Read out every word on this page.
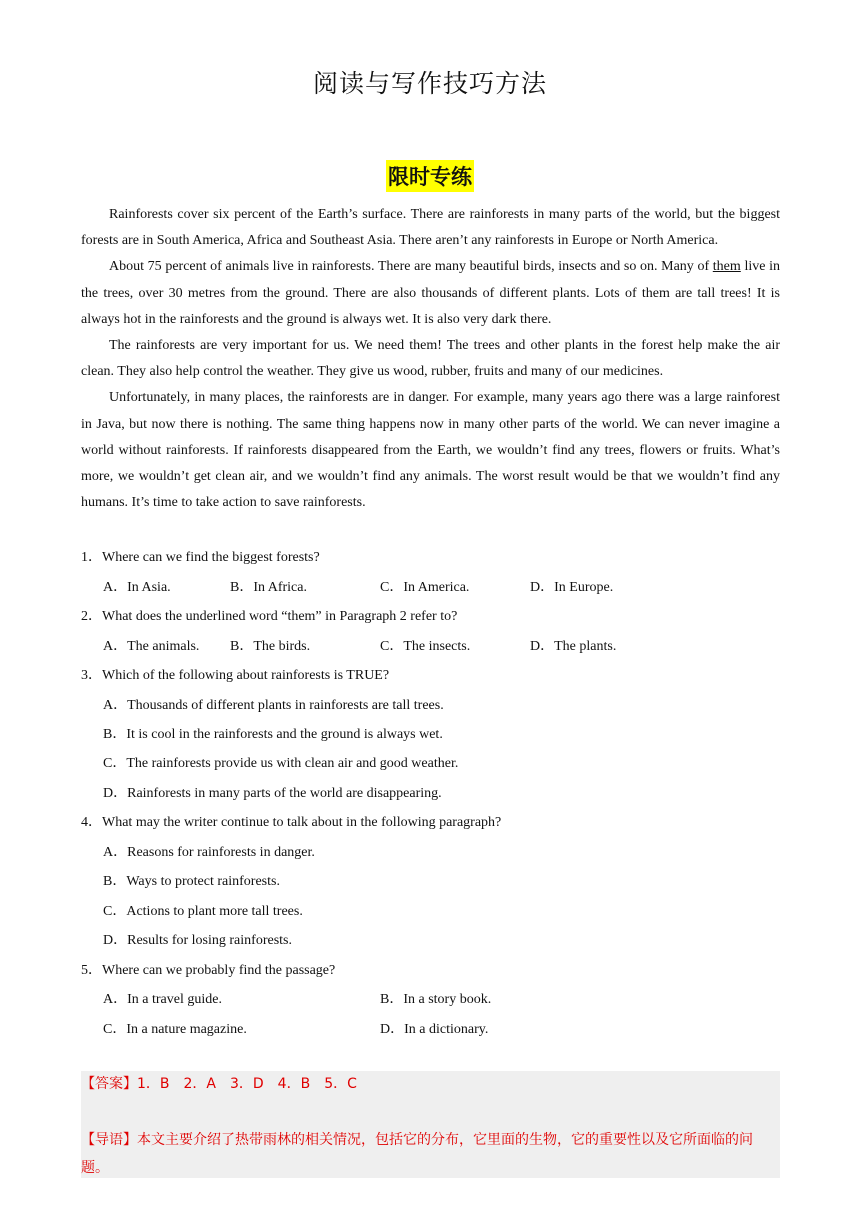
阅读与写作技巧方法
限时专练

Rainforests cover six percent of the Earth’s surface. There are rainforests in many parts of the world, but the biggest forests are in South America, Africa and Southeast Asia. There aren’t any rainforests in Europe or North America.

About 75 percent of animals live in rainforests. There are many beautiful birds, insects and so on. Many of them live in the trees, over 30 metres from the ground. There are also thousands of different plants. Lots of them are tall trees! It is always hot in the rainforests and the ground is always wet. It is also very dark there.

The rainforests are very important for us. We need them! The trees and other plants in the forest help make the air clean. They also help control the weather. They give us wood, rubber, fruits and many of our medicines.

Unfortunately, in many places, the rainforests are in danger. For example, many years ago there was a large rainforest in Java, but now there is nothing. The same thing happens now in many other parts of the world. We can never imagine a world without rainforests. If rainforests disappeared from the Earth, we wouldn’t find any trees, flowers or fruits. What’s more, we wouldn’t get clean air, and we wouldn’t find any animals. The worst result would be that we wouldn’t find any humans. It’s time to take action to save rainforests.

1．Where can we find the biggest forests?
A．In Asia.	B．In Africa.	C．In America.	D．In Europe.
2．What does the underlined word “them” in Paragraph 2 refer to?
A．The animals. B．The birds.	C．The insects.	D．The plants.
3．Which of the following about rainforests is TRUE?
A．Thousands of different plants in rainforests are tall trees.
B．It is cool in the rainforests and the ground is always wet.
C．The rainforests provide us with clean air and good weather.
D．Rainforests in many parts of the world are disappearing.
4．What may the writer continue to talk about in the following paragraph?
A．Reasons for rainforests in danger.
B．Ways to protect rainforests.
C．Actions to plant more tall trees.
D．Results for losing rainforests.
5．Where can we probably find the passage?
A．In a travel guide.	B．In a story book.
C．In a nature magazine.	D．In a dictionary.
【答案】1．B　2．A　3．D　4．B　5．C
【导语】本文主要介绍了热带雨林的相关情况，包括它的分布，它里面的生物，它的重要性以及它所面临的问题。
